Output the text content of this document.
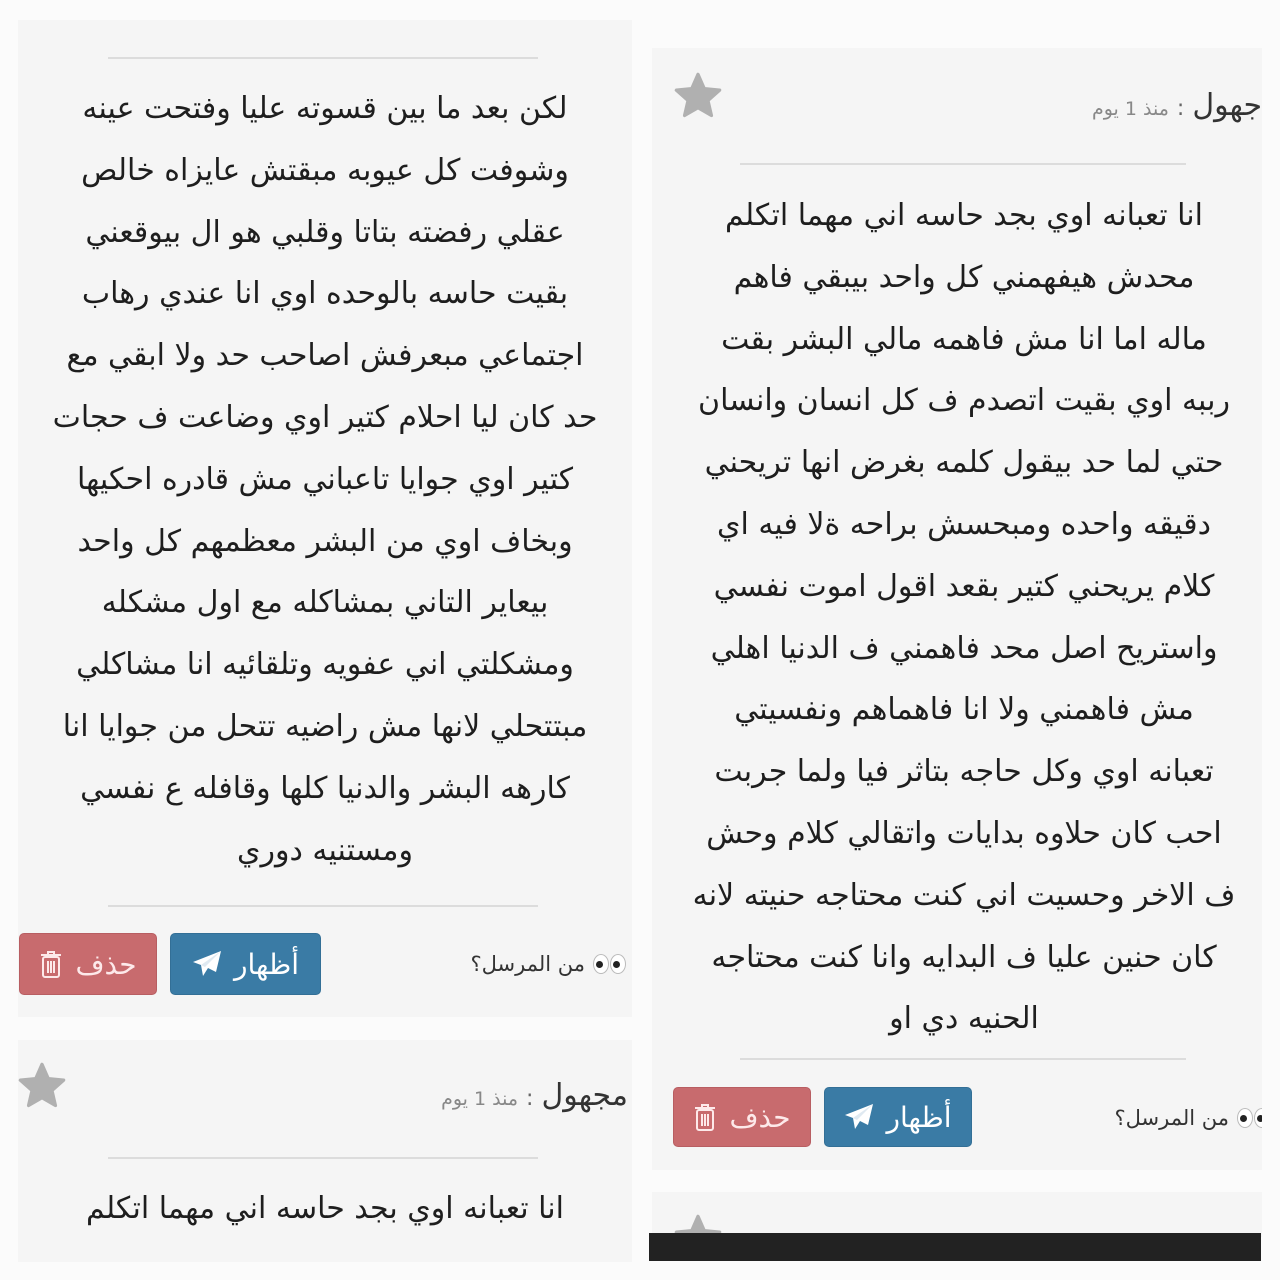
لكن بعد ما بين قسوته عليا وفتحت عينه
وشوفت كل عيوبه مبقتش عايزاه خالص
عقلي رفضته بتاتا وقلبي هو ال بيوقعني
بقيت حاسه بالوحده اوي انا عندي رهاب
اجتماعي مبعرفش اصاحب حد ولا ابقي مع
حد كان ليا احلام كتير اوي وضاعت ف حجات
كتير اوي جوايا تاعباني مش قادره احكيها
وبخاف اوي من البشر معظمهم كل واحد
بيعاير التاني بمشاكله مع اول مشكله
ومشكلتي اني عفويه وتلقائيه انا مشاكلي
مبتتحلي لانها مش راضيه تتحل من جوايا انا
كارهه البشر والدنيا كلها وقافله ع نفسي
ومستنيه دوري
من المرسل؟
أظهار
حذف
مجهول
:
منذ 1 يوم
انا تعبانه اوي بجد حاسه اني مهما اتكلم
جهول
:
منذ 1 يوم
انا تعبانه اوي بجد حاسه اني مهما اتكلم
محدش هيفهمني كل واحد بيبقي فاهم
ماله اما انا مش فاهمه مالي البشر بقت
رببه اوي بقيت اتصدم ف كل انسان وانسان
حتي لما حد بيقول كلمه بغرض انها تريحني
دقيقه واحده ومبحسش براحه ةلا فيه اي
كلام يريحني كتير بقعد اقول اموت نفسي
واستريح اصل محد فاهمني ف الدنيا اهلي
مش فاهمني ولا انا فاهماهم ونفسيتي
تعبانه اوي وكل حاجه بتاثر فيا ولما جربت
احب كان حلاوه بدايات واتقالي كلام وحش
ف الاخر وحسيت اني كنت محتاجه حنيته لانه
كان حنين عليا ف البدايه وانا كنت محتاجه
الحنيه دي او
من المرسل؟
أظهار
حذف
